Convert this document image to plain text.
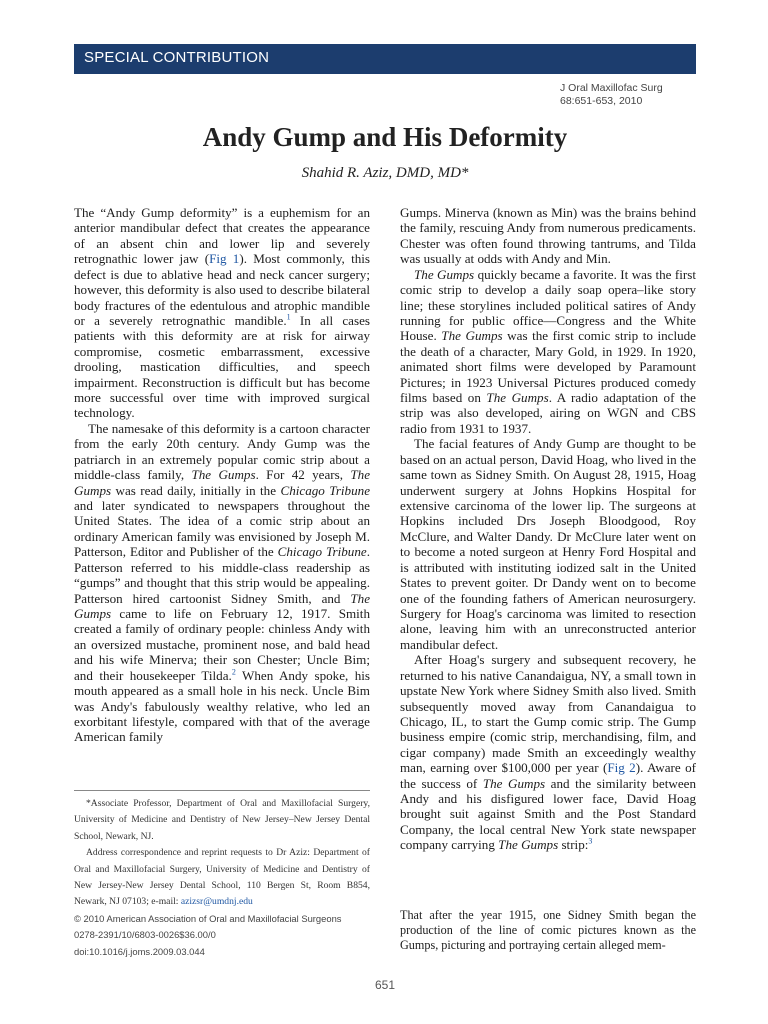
SPECIAL CONTRIBUTION
J Oral Maxillofac Surg
68:651-653, 2010
Andy Gump and His Deformity
Shahid R. Aziz, DMD, MD*

The “Andy Gump deformity” is a euphemism for an anterior mandibular defect that creates the appearance of an absent chin and lower lip and severely retrognathic lower jaw (Fig 1). Most commonly, this defect is due to ablative head and neck cancer surgery; however, this deformity is also used to describe bilateral body fractures of the edentulous and atrophic mandible or a severely retrognathic mandible.$^1$ In all cases patients with this deformity are at risk for airway compromise, cosmetic embarrassment, excessive drooling, mastication difficulties, and speech impairment. Reconstruction is difficult but has become more successful over time with improved surgical technology.

The namesake of this deformity is a cartoon character from the early 20th century. Andy Gump was the patriarch in an extremely popular comic strip about a middle-class family, The Gumps. For 42 years, The Gumps was read daily, initially in the Chicago Tribune and later syndicated to newspapers throughout the United States. The idea of a comic strip about an ordinary American family was envisioned by Joseph M. Patterson, Editor and Publisher of the Chicago Tribune. Patterson referred to his middle-class readership as “gumps” and thought that this strip would be appealing. Patterson hired cartoonist Sidney Smith, and The Gumps came to life on February 12, 1917. Smith created a family of ordinary people: chinless Andy with an oversized mustache, prominent nose, and bald head and his wife Minerva; their son Chester; Uncle Bim; and their housekeeper Tilda.$^2$ When Andy spoke, his mouth appeared as a small hole in his neck. Uncle Bim was Andy's fabulously wealthy relative, who led an exorbitant lifestyle, compared with that of the average American family

*Associate Professor, Department of Oral and Maxillofacial Surgery, University of Medicine and Dentistry of New Jersey–New Jersey Dental School, Newark, NJ.

Address correspondence and reprint requests to Dr Aziz: Department of Oral and Maxillofacial Surgery, University of Medicine and Dentistry of New Jersey-New Jersey Dental School, 110 Bergen St, Room B854, Newark, NJ 07103; e-mail: azizsr@umdnj.edu

© 2010 American Association of Oral and Maxillofacial Surgeons

0278-2391/10/6803-0026$36.00/0

doi:10.1016/j.joms.2009.03.044

Gumps. Minerva (known as Min) was the brains behind the family, rescuing Andy from numerous predicaments. Chester was often found throwing tantrums, and Tilda was usually at odds with Andy and Min.

The Gumps quickly became a favorite. It was the first comic strip to develop a daily soap opera–like story line; these storylines included political satires of Andy running for public office—Congress and the White House. The Gumps was the first comic strip to include the death of a character, Mary Gold, in 1929. In 1920, animated short films were developed by Paramount Pictures; in 1923 Universal Pictures produced comedy films based on The Gumps. A radio adaptation of the strip was also developed, airing on WGN and CBS radio from 1931 to 1937.

The facial features of Andy Gump are thought to be based on an actual person, David Hoag, who lived in the same town as Sidney Smith. On August 28, 1915, Hoag underwent surgery at Johns Hopkins Hospital for extensive carcinoma of the lower lip. The surgeons at Hopkins included Drs Joseph Bloodgood, Roy McClure, and Walter Dandy. Dr McClure later went on to become a noted surgeon at Henry Ford Hospital and is attributed with instituting iodized salt in the United States to prevent goiter. Dr Dandy went on to become one of the founding fathers of American neurosurgery. Surgery for Hoag's carcinoma was limited to resection alone, leaving him with an unreconstructed anterior mandibular defect.

After Hoag's surgery and subsequent recovery, he returned to his native Canandaigua, NY, a small town in upstate New York where Sidney Smith also lived. Smith subsequently moved away from Canandaigua to Chicago, IL, to start the Gump comic strip. The Gump business empire (comic strip, merchandising, film, and cigar company) made Smith an exceedingly wealthy man, earning over $100,000 per year (Fig 2). Aware of the success of The Gumps and the similarity between Andy and his disfigured lower face, David Hoag brought suit against Smith and the Post Standard Company, the local central New York state newspaper company carrying The Gumps strip:$^3$

That after the year 1915, one Sidney Smith began the production of the line of comic pictures known as the Gumps, picturing and portraying certain alleged mem-
651
